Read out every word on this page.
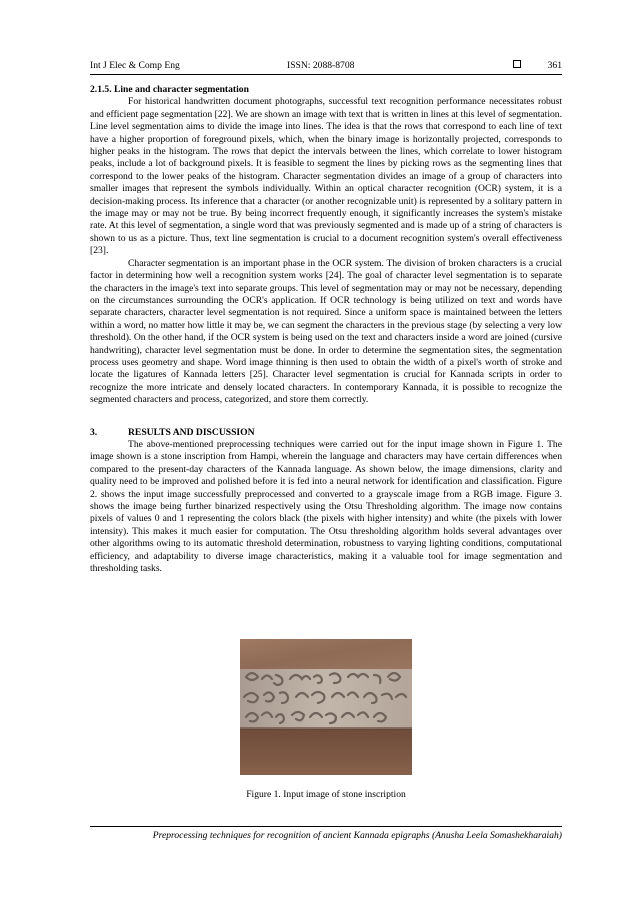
Int J Elec & Comp Eng	ISSN: 2088-8708	361

2.1.5. Line and character segmentation

For historical handwritten document photographs, successful text recognition performance necessitates robust and efficient page segmentation [22]. We are shown an image with text that is written in lines at this level of segmentation. Line level segmentation aims to divide the image into lines. The idea is that the rows that correspond to each line of text have a higher proportion of foreground pixels, which, when the binary image is horizontally projected, corresponds to higher peaks in the histogram. The rows that depict the intervals between the lines, which correlate to lower histogram peaks, include a lot of background pixels. It is feasible to segment the lines by picking rows as the segmenting lines that correspond to the lower peaks of the histogram. Character segmentation divides an image of a group of characters into smaller images that represent the symbols individually. Within an optical character recognition (OCR) system, it is a decision-making process. Its inference that a character (or another recognizable unit) is represented by a solitary pattern in the image may or may not be true. By being incorrect frequently enough, it significantly increases the system's mistake rate. At this level of segmentation, a single word that was previously segmented and is made up of a string of characters is shown to us as a picture. Thus, text line segmentation is crucial to a document recognition system's overall effectiveness [23].

Character segmentation is an important phase in the OCR system. The division of broken characters is a crucial factor in determining how well a recognition system works [24]. The goal of character level segmentation is to separate the characters in the image's text into separate groups. This level of segmentation may or may not be necessary, depending on the circumstances surrounding the OCR's application. If OCR technology is being utilized on text and words have separate characters, character level segmentation is not required. Since a uniform space is maintained between the letters within a word, no matter how little it may be, we can segment the characters in the previous stage (by selecting a very low threshold). On the other hand, if the OCR system is being used on the text and characters inside a word are joined (cursive handwriting), character level segmentation must be done. In order to determine the segmentation sites, the segmentation process uses geometry and shape. Word image thinning is then used to obtain the width of a pixel's worth of stroke and locate the ligatures of Kannada letters [25]. Character level segmentation is crucial for Kannada scripts in order to recognize the more intricate and densely located characters. In contemporary Kannada, it is possible to recognize the segmented characters and process, categorized, and store them correctly.

3.	RESULTS AND DISCUSSION

The above-mentioned preprocessing techniques were carried out for the input image shown in Figure 1. The image shown is a stone inscription from Hampi, wherein the language and characters may have certain differences when compared to the present-day characters of the Kannada language. As shown below, the image dimensions, clarity and quality need to be improved and polished before it is fed into a neural network for identification and classification. Figure 2. shows the input image successfully preprocessed and converted to a grayscale image from a RGB image. Figure 3. shows the image being further binarized respectively using the Otsu Thresholding algorithm. The image now contains pixels of values 0 and 1 representing the colors black (the pixels with higher intensity) and white (the pixels with lower intensity). This makes it much easier for computation. The Otsu thresholding algorithm holds several advantages over other algorithms owing to its automatic threshold determination, robustness to varying lighting conditions, computational efficiency, and adaptability to diverse image characteristics, making it a valuable tool for image segmentation and thresholding tasks.

Figure 1. Input image of stone inscription
Preprocessing techniques for recognition of ancient Kannada epigraphs (Anusha Leela Somashekharaiah)
